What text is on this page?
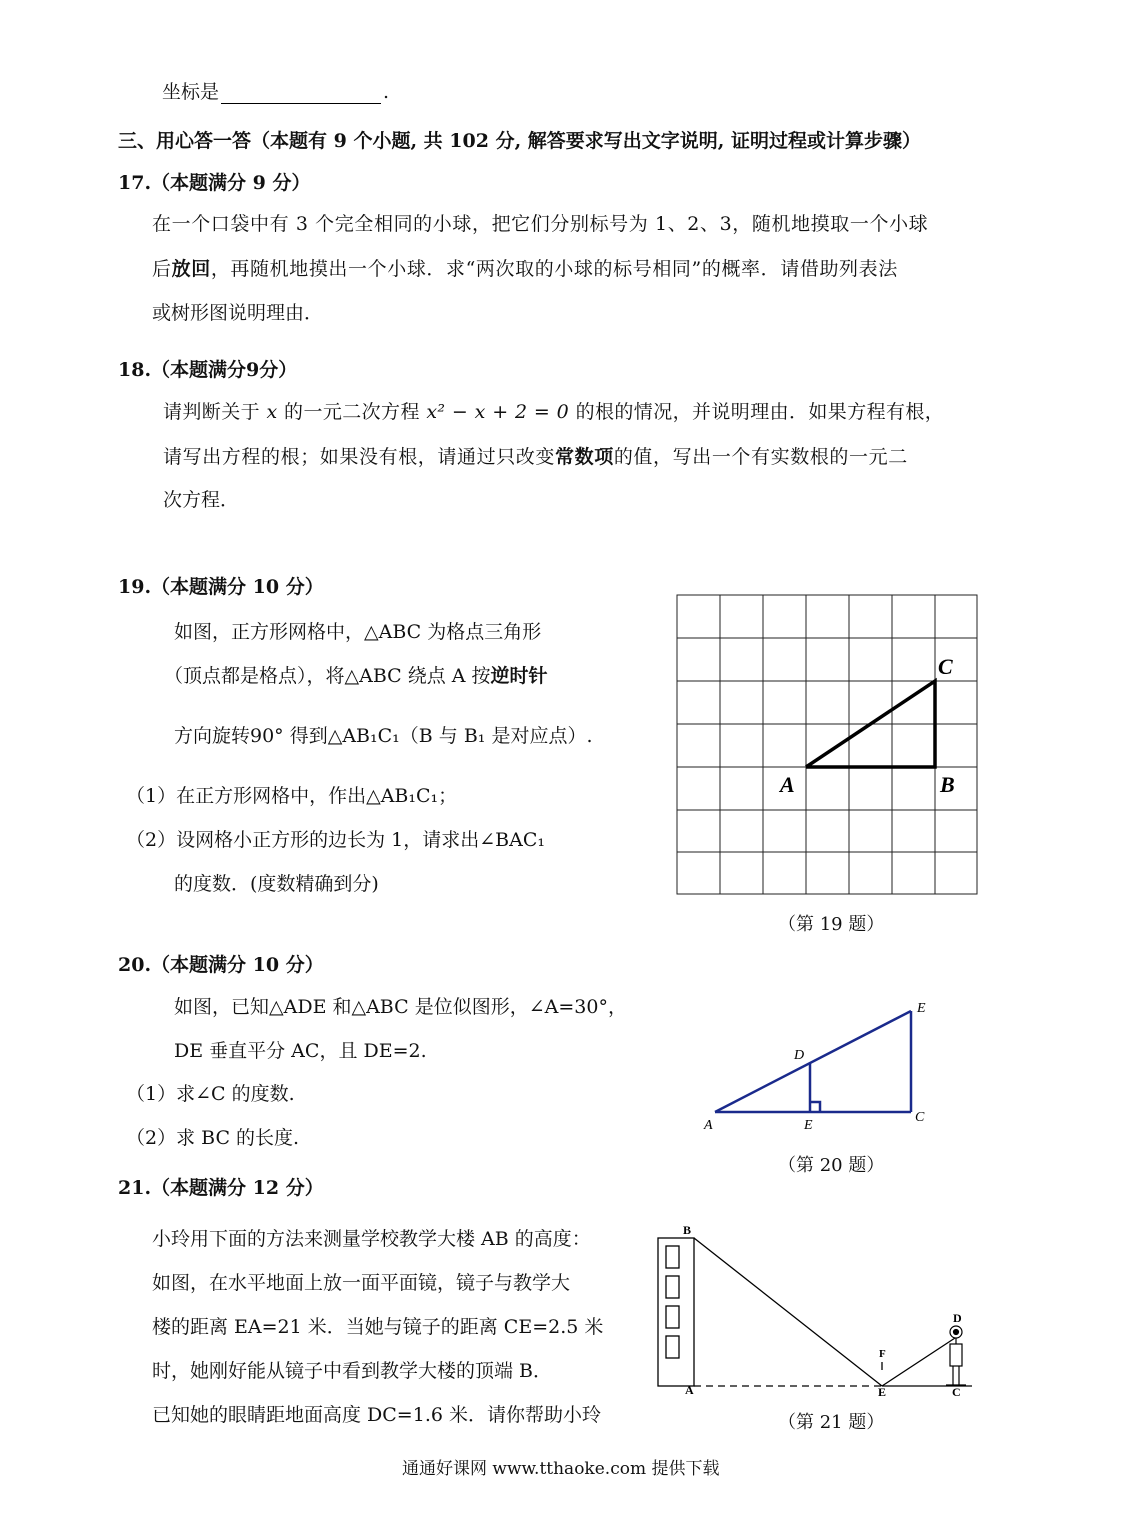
坐标是	.
三、用心答一答（本题有 9 个小题, 共 102 分, 解答要求写出文字说明, 证明过程或计算步骤）
17.（本题满分 9 分）
在一个口袋中有 3 个完全相同的小球，把它们分别标号为 1、2、3，随机地摸取一个小球
后放回，再随机地摸出一个小球．求“两次取的小球的标号相同”的概率．请借助列表法
或树形图说明理由．
18.（本题满分9分）
请判断关于 x 的一元二次方程 x² − x + 2 = 0 的根的情况，并说明理由．如果方程有根，
请写出方程的根；如果没有根，请通过只改变常数项的值，写出一个有实数根的一元二
次方程．
19.（本题满分 10 分）
如图，正方形网格中，△ABC 为格点三角形
（顶点都是格点），将△ABC 绕点 A 按逆时针
方向旋转90° 得到△AB₁C₁（B 与 B₁ 是对应点）.
（1）在正方形网格中，作出△AB₁C₁；
（2）设网格小正方形的边长为 1，请求出∠BAC₁
的度数．(度数精确到分)
A	B
C
（第 19 题）
20.（本题满分 10 分）
如图，已知△ADE 和△ABC 是位似图形，∠A=30°，
DE 垂直平分 AC，且 DE=2.
（1）求∠C 的度数.
（2）求 BC 的长度.
A
D
E
E
C
（第 20 题）
21.（本题满分 12 分）
小玲用下面的方法来测量学校教学大楼 AB 的高度：
如图，在水平地面上放一面平面镜，镜子与教学大
楼的距离 EA=21 米．当她与镜子的距离 CE=2.5 米
时，她刚好能从镜子中看到教学大楼的顶端 B．
已知她的眼睛距地面高度 DC=1.6 米．请你帮助小玲
B
A
F
E
D
C
（第 21 题）
通通好课网 www.tthaoke.com 提供下载
